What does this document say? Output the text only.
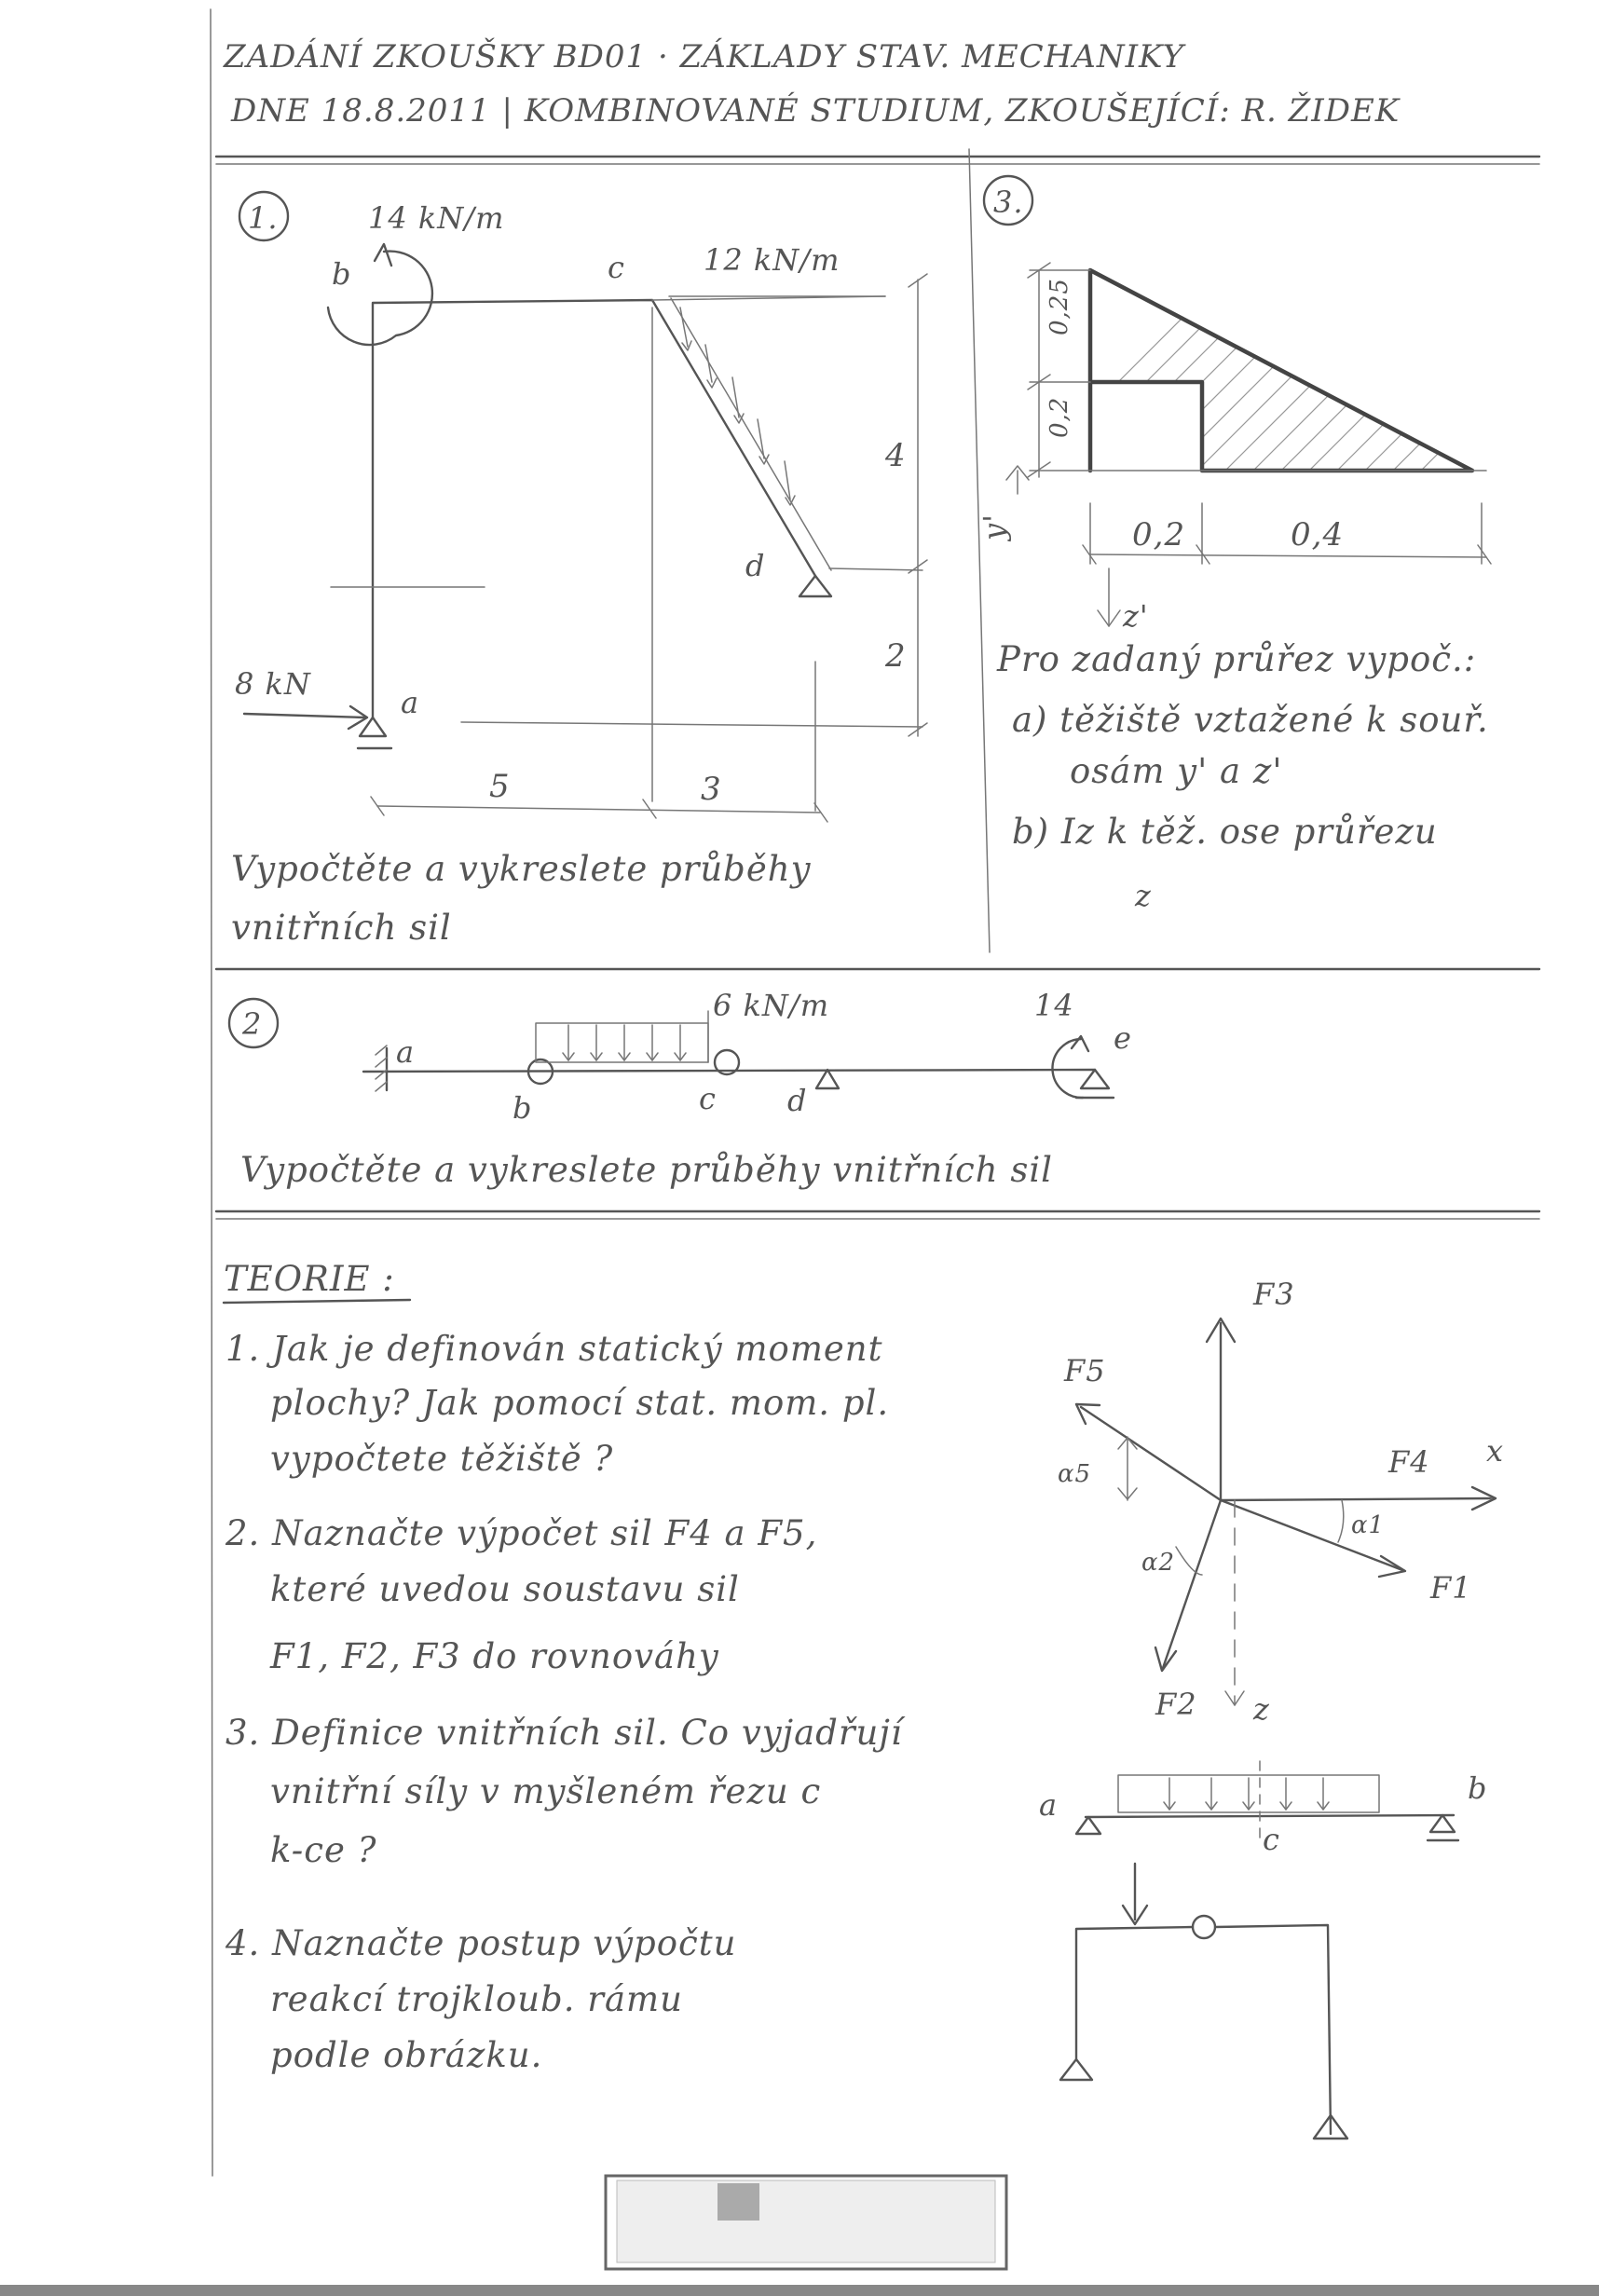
ZADÁNÍ ZKOUŠKY BD01 · ZÁKLADY STAV. MECHANIKY
DNE 18.8.2011 | KOMBINOVANÉ STUDIUM, ZKOUŠEJÍCÍ: R. ŽIDEK
1.	14 kN/m
b	c	12 kN/m
d
a
8 kN
5	3
4
2
Vypočtěte a vykreslete průběhy
vnitřních sil
3.
0,25
0,2
0,2	0,4
y'
z'
Pro zadaný průřez vypoč.:
a) těžiště vztažené k souř.
osám y' a z'
b) Iz k těž. ose průřezu
z
2
a
b	c d
e
6 kN/m	14
Vypočtěte a vykreslete průběhy vnitřních sil
TEORIE :
1. Jak je definován statický moment
plochy? Jak pomocí stat. mom. pl.
vypočtete těžiště ?
2. Naznačte výpočet sil F4 a F5,
které uvedou soustavu sil
F1, F2, F3 do rovnováhy
3. Definice vnitřních sil. Co vyjadřují
vnitřní síly v myšleném řezu c
k-ce ?
4. Naznačte postup výpočtu
reakcí trojkloub. rámu
podle obrázku.
F3
F5
F4 x
F1
α1
F2
α2
z
α5
a	b
c
